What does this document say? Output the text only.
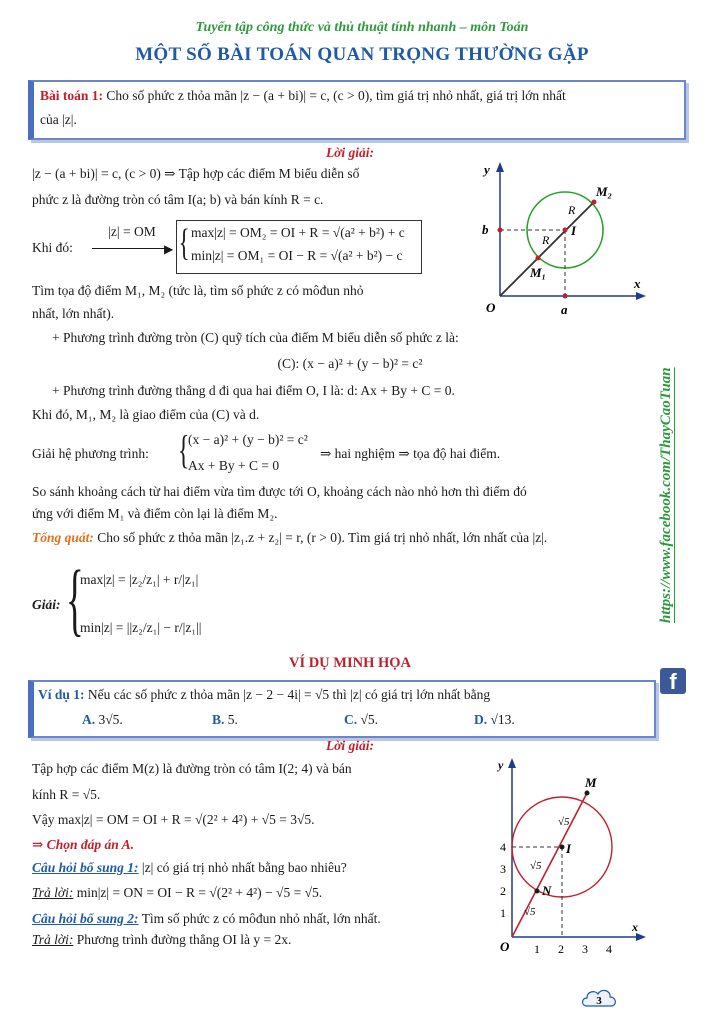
Tuyển tập công thức và thủ thuật tính nhanh – môn Toán
MỘT SỐ BÀI TOÁN QUAN TRỌNG THƯỜNG GẶP
Bài toán 1: Cho số phức z thỏa mãn |z − (a + bi)| = c, (c > 0), tìm giá trị nhỏ nhất, giá trị lớn nhất
của |z|.
Lời giải:
|z − (a + bi)| = c, (c > 0) ⇒ Tập hợp các điểm M biểu diễn số
phức z là đường tròn có tâm I(a; b) và bán kính R = c.
Khi đó:
|z| = OM
▶ { max|z| = OM₂ = OI + R = √(a² + b²) + c
min|z| = OM₁ = OI − R = √(a² + b²) − c
Tìm tọa độ điểm M₁, M₂ (tức là, tìm số phức z có môđun nhỏ
nhất, lớn nhất).
y
M₂
R
b
R
I
M₁
O	a
x
+ Phương trình đường tròn (C) quỹ tích của điểm M biểu diễn số phức z là:
(C): (x − a)² + (y − b)² = c²
+ Phương trình đường thẳng d đi qua hai điểm O, I là: d: Ax + By + C = 0.
Khi đó, M₁, M₂ là giao điểm của (C) và d.
Giải hệ phương trình: {
(x − a)² + (y − b)² = c²
Ax + By + C = 0
⇒ hai nghiệm ⇒ tọa độ hai điểm.
So sánh khoảng cách từ hai điểm vừa tìm được tới O, khoảng cách nào nhỏ hơn thì điểm đó
ứng với điểm M₁ và điểm còn lại là điểm M₂.
Tổng quát: Cho số phức z thỏa mãn |z₁.z + z₂| = r, (r > 0). Tìm giá trị nhỏ nhất, lớn nhất của |z|.
Giải: {
max|z| = |z₂/z₁| + r/|z₁|
min|z| = ||z₂/z₁| − r/|z₁||
VÍ DỤ MINH HỌA
Ví dụ 1: Nếu các số phức z thỏa mãn |z − 2 − 4i| = √5 thì |z| có giá trị lớn nhất bằng
A. 3√5.	B. 5.	C. √5.	D. √13.
Lời giải:
Tập hợp các điểm M(z) là đường tròn có tâm I(2; 4) và bán
kính R = √5.
Vậy max|z| = OM = OI + R = √(2² + 4²) + √5 = 3√5.
⇒ Chọn đáp án A.
Câu hỏi bổ sung 1: |z| có giá trị nhỏ nhất bằng bao nhiêu?
Trả lời: min|z| = ON = OI − R = √(2² + 4²) − √5 = √5.
Câu hỏi bổ sung 2: Tìm số phức z có môđun nhỏ nhất, lớn nhất.
Trả lời: Phương trình đường thẳng OI là y = 2x.
y
M
√5
4	I
3 √5
2	N
1 √5
O 1 2 3 4
x
https://www.facebook.com/ThayCaoTuan
f
3
